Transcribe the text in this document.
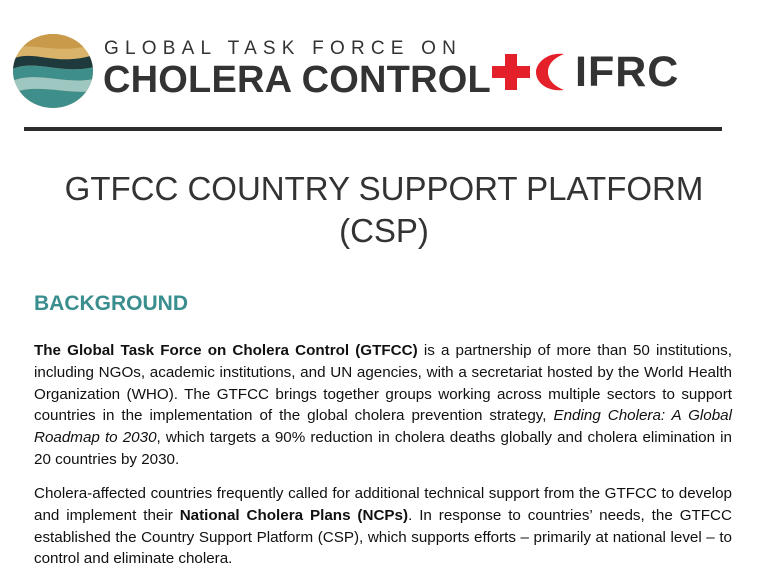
GLOBAL TASK FORCE ON
CHOLERA CONTROL IFRC
GTFCC COUNTRY SUPPORT PLATFORM
(CSP)
BACKGROUND
The Global Task Force on Cholera Control (GTFCC) is a partnership of more than 50 institutions, including NGOs, academic institutions, and UN agencies, with a secretariat hosted by the World Health Organization (WHO). The GTFCC brings together groups working across multiple sectors to support countries in the implementation of the global cholera prevention strategy, Ending Cholera: A Global Roadmap to 2030, which targets a 90% reduction in cholera deaths globally and cholera elimination in 20 countries by 2030.
Cholera-affected countries frequently called for additional technical support from the GTFCC to develop and implement their National Cholera Plans (NCPs). In response to countries’ needs, the GTFCC established the Country Support Platform (CSP), which supports efforts – primarily at national level – to control and eliminate cholera.
